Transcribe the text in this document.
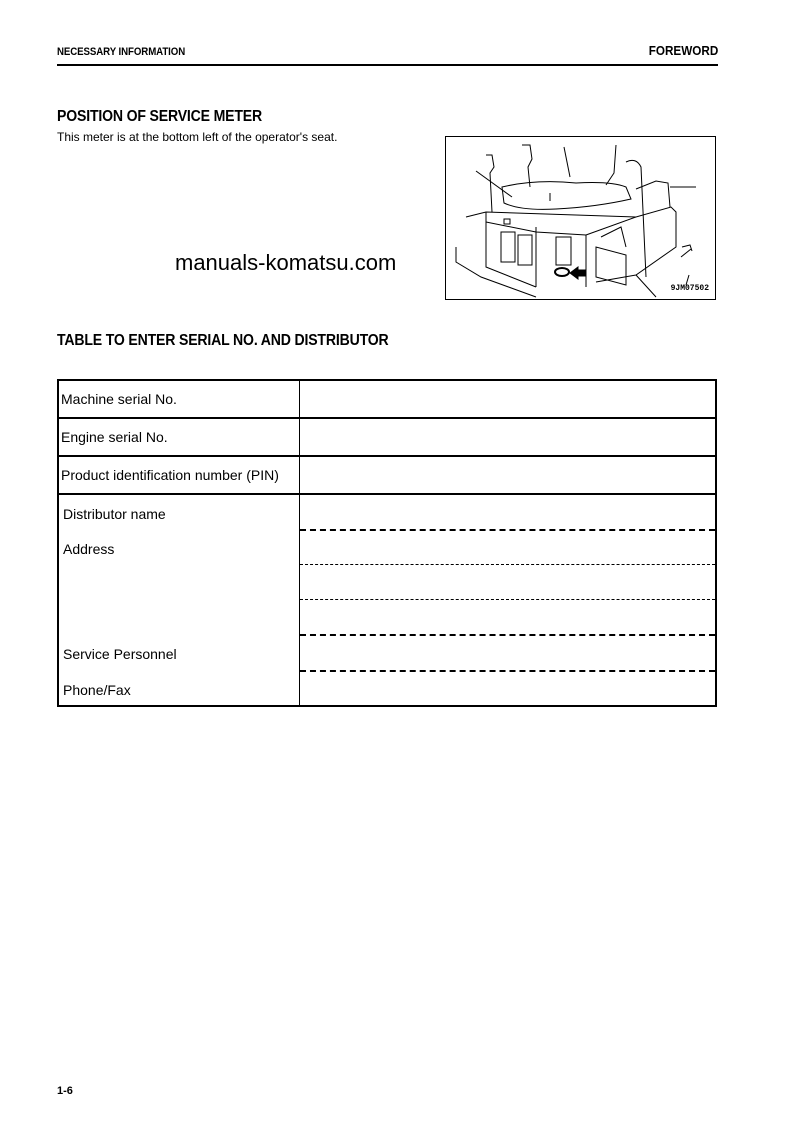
NECESSARY INFORMATION	FOREWORD
POSITION OF SERVICE METER
This meter is at the bottom left of the operator's seat.
9JM07502
manuals-komatsu.com
TABLE TO ENTER SERIAL NO. AND DISTRIBUTOR
Machine serial No.	
Engine serial No.	
Product identification number (PIN)	

Distributor name
Address
Service Personnel
Phone/Fax	

1-6
